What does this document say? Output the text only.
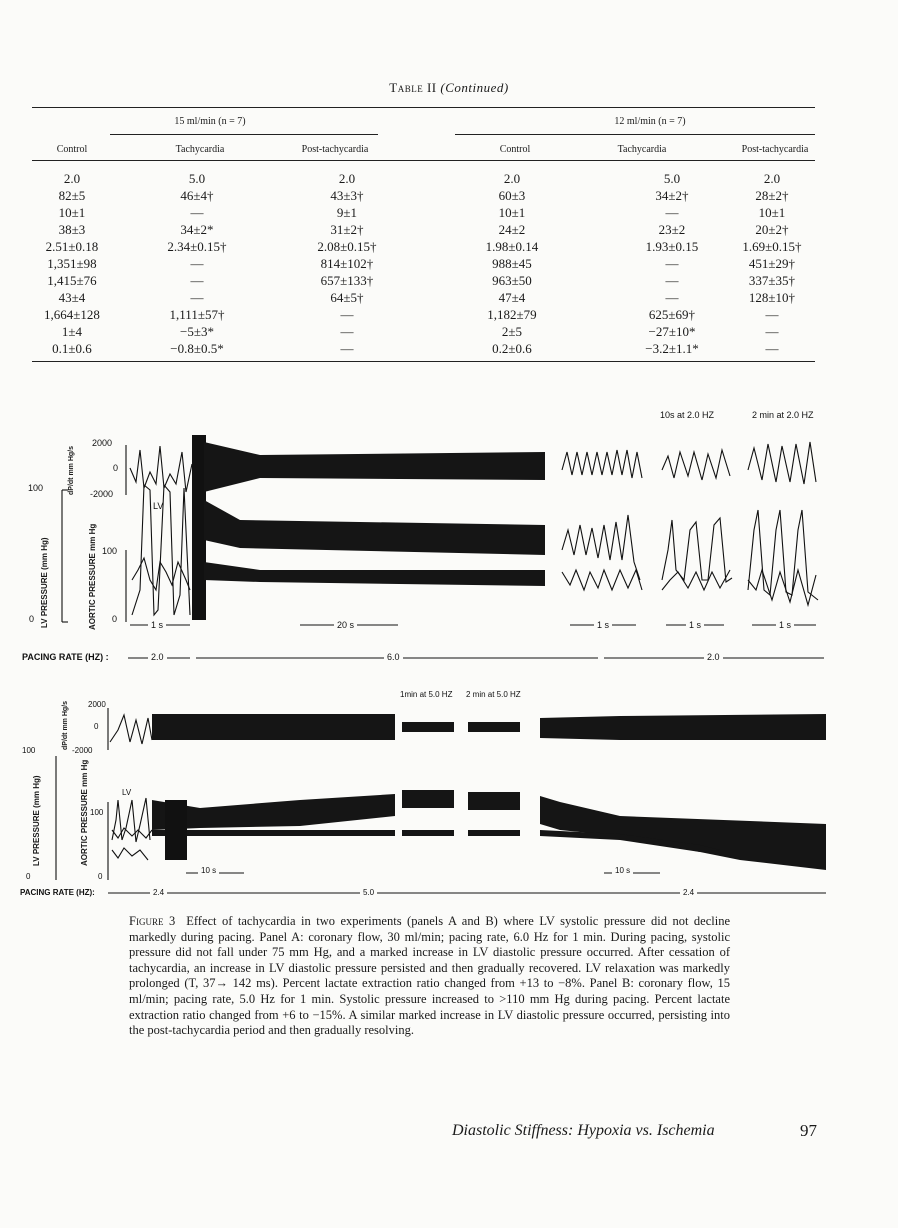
Table II (Continued)
15 ml/min (n = 7)	12 ml/min (n = 7)
Control	Tachycardia	Post-tachycardia	Control	Tachycardia	Post-tachycardia
2.0	5.0	2.0	2.0	5.0	2.0
82±5	46±4†	43±3†	60±3	34±2†	28±2†
10±1	—	9±1	10±1	—	10±1
38±3	34±2*	31±2†	24±2	23±2	20±2†
2.51±0.18	2.34±0.15†	2.08±0.15†	1.98±0.14	1.93±0.15	1.69±0.15†
1,351±98	—	814±102†	988±45	—	451±29†
1,415±76	—	657±133†	963±50	—	337±35†
43±4	—	64±5†	47±4	—	128±10†
1,664±128	1,111±57†	—	1,182±79	625±69†	—
1±4	−5±3*	—	2±5	−27±10*	—
0.1±0.6	−0.8±0.5*	—	0.2±0.6	−3.2±1.1*	—
10s at 2.0 HZ	2 min at 2.0 HZ
LV PRESSURE (mm Hg)
dP/dt mm Hg/s
AORTIC PRESSURE mm Hg
2000
0
-2000
100
0
100
0
LV
1 s	20 s	1 s	1 s	1 s
PACING RATE (HZ) :	2.0	6.0	2.0
1min at 5.0 HZ 2 min at 5.0 HZ
LV PRESSURE (mm Hg)
dP/dt mm Hg/s
AORTIC PRESSURE mm Hg
2000
0
-2000
100
0
100
0
LV
10 s	10 s
PACING RATE (HZ):	2.4	5.0	2.4
Figure 3 Effect of tachycardia in two experiments (panels A and B) where LV systolic pressure did not decline markedly during pacing. Panel A: coronary flow, 30 ml/min; pacing rate, 6.0 Hz for 1 min. During pacing, systolic pressure did not fall under 75 mm Hg, and a marked increase in LV diastolic pressure occurred. After cessation of tachycardia, an increase in LV diastolic pressure persisted and then gradually recovered. LV relaxation was markedly prolonged (T, 37→ 142 ms). Percent lactate extraction ratio changed from +13 to −8%. Panel B: coronary flow, 15 ml/min; pacing rate, 5.0 Hz for 1 min. Systolic pressure increased to >110 mm Hg during pacing. Percent lactate extraction ratio changed from +6 to −15%. A similar marked increase in LV diastolic pressure occurred, persisting into the post-tachycardia period and then gradually resolving.
Diastolic Stiffness: Hypoxia vs. Ischemia	97
